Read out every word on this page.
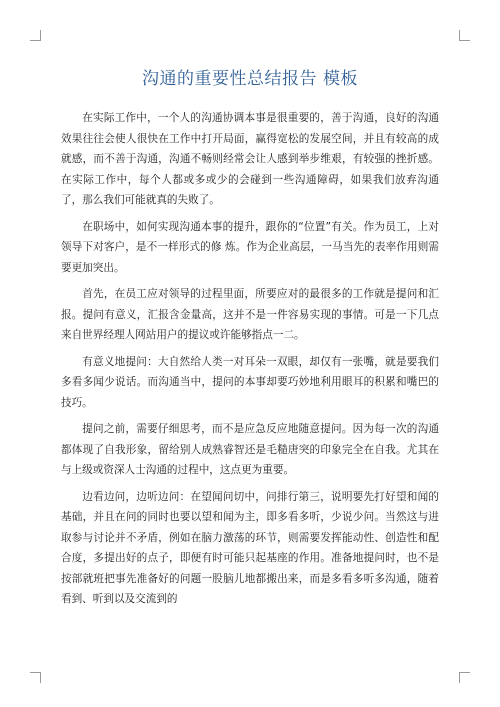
沟通的重要性总结报告 模板

在实际工作中，一个人的沟通协调本事是很重要的，善于沟通，良好的沟通效果往往会使人很快在工作中打开局面，赢得宽松的发展空间，并且有较高的成就感，而不善于沟通，沟通不畅则经常会让人感到举步维艰，有较强的挫折感。在实际工作中，每个人都或多或少的会碰到一些沟通障碍，如果我们放弃沟通了，那么我们可能就真的失败了。

在职场中，如何实现沟通本事的提升，跟你的“位置”有关。作为员工，上对领导下对客户，是不一样形式的修 炼。作为企业高层，一马当先的表率作用则需要更加突出。

首先，在员工应对领导的过程里面，所要应对的最很多的工作就是提问和汇报。提问有意义，汇报含金量高，这并不是一件容易实现的事情。可是一下几点来自世界经理人网站用户的提议或许能够指点一二。

有意义地提问：大自然给人类一对耳朵一双眼，却仅有一张嘴，就是要我们多看多闻少说话。而沟通当中，提问的本事却要巧妙地利用眼耳的积累和嘴巴的技巧。

提问之前，需要仔细思考，而不是应急反应地随意提问。因为每一次的沟通都体现了自我形象，留给别人成熟睿智还是毛糙唐突的印象完全在自我。尤其在与上级或资深人士沟通的过程中，这点更为重要。

边看边问，边听边问：在望闻问切中，问排行第三，说明要先打好望和闻的基础，并且在问的同时也要以望和闻为主，即多看多听，少说少问。当然这与进取参与讨论并不矛盾，例如在脑力激荡的环节，则需要发挥能动性、创造性和配合度，多提出好的点子，即便有时可能只起基座的作用。准备地提问时，也不是按部就班把事先准备好的问题一股脑儿地都搬出来，而是多看多听多沟通，随着看到、听到以及交流到的
